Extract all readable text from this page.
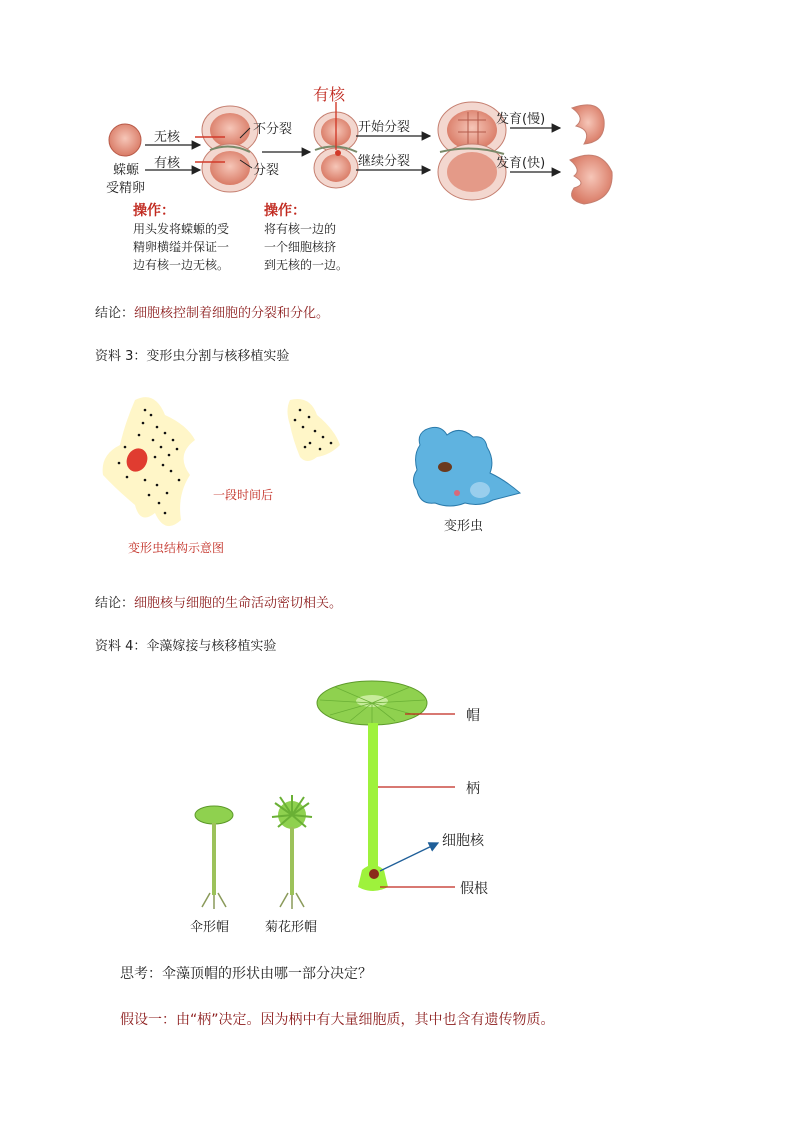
无核
有核
蝾螈
受精卵
不分裂
分裂
有核
开始分裂
继续分裂
发育(慢)
发育(快)
操作：
用头发将蝾螈的受
精卵横缢并保证一
边有核一边无核。
操作：
将有核一边的
一个细胞核挤
到无核的一边。
结论：细胞核控制着细胞的分裂和分化。
资料 3：变形虫分割与核移植实验
一段时间后
变形虫结构示意图
变形虫
结论：细胞核与细胞的生命活动密切相关。
资料 4：伞藻嫁接与核移植实验
帽
柄
细胞核
假根
伞形帽	菊花形帽
思考：伞藻顶帽的形状由哪一部分决定？
假设一：由“柄”决定。因为柄中有大量细胞质，其中也含有遗传物质。
